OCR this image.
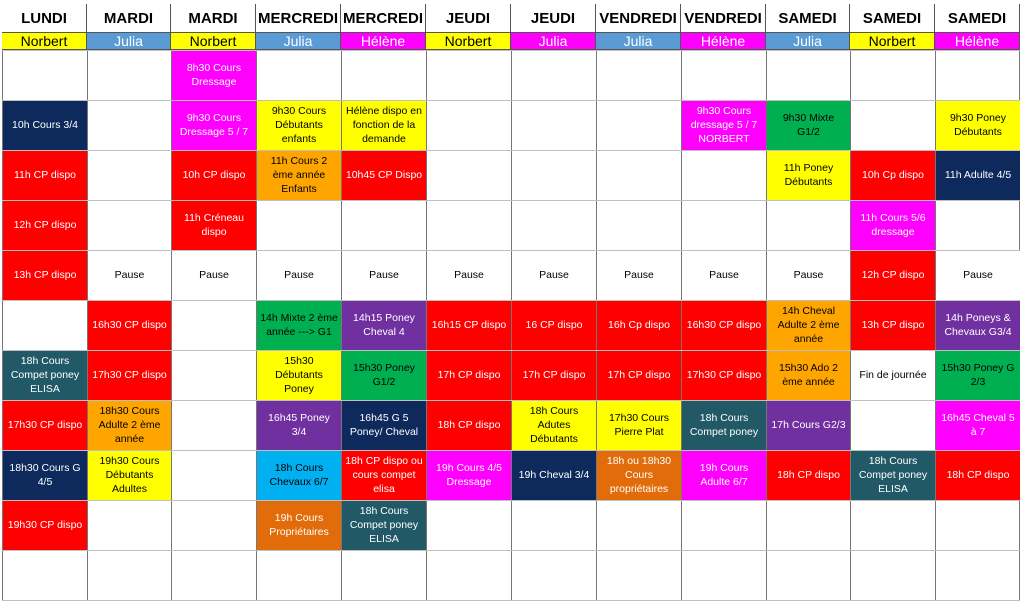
LUNDI
Norbert
MARDI
Julia
MARDI
Norbert
MERCREDI
Julia
MERCREDI
Hélène
JEUDI
Norbert
JEUDI
Julia
VENDREDI
Julia
VENDREDI
Hélène
SAMEDI
Julia
SAMEDI
Norbert
SAMEDI
Hélène
10h Cours 3/4
11h CP dispo
12h CP dispo
13h CP dispo
18h Cours Compet poney ELISA
17h30 CP dispo
18h30 Cours G 4/5
19h30 CP dispo
Pause
16h30 CP dispo
17h30 CP dispo
18h30 Cours Adulte 2 ème année
19h30 Cours Débutants Adultes
8h30 Cours Dressage
9h30 Cours Dressage 5 / 7
10h CP dispo
11h Créneau dispo
Pause
9h30 Cours Débutants enfants
11h Cours 2 ème année Enfants
Pause
14h Mixte 2 ème année ---> G1
15h30 Débutants Poney
16h45 Poney 3/4
18h Cours Chevaux 6/7
19h Cours Propriétaires
Hélène dispo en fonction de la demande
10h45 CP Dispo
Pause
14h15 Poney Cheval 4
15h30 Poney G1/2
16h45 G 5 Poney/ Cheval
18h CP dispo ou cours compet elisa
18h Cours Compet poney ELISA
Pause
16h15 CP dispo
17h CP dispo
18h CP dispo
19h Cours 4/5 Dressage
Pause
16 CP dispo
17h CP dispo
18h Cours Adutes Débutants
19h Cheval 3/4
Pause
16h Cp dispo
17h CP dispo
17h30 Cours Pierre Plat
18h ou 18h30 Cours propriétaires
9h30 Cours dressage 5 / 7 NORBERT
Pause
16h30 CP dispo
17h30 CP dispo
18h Cours Compet poney
19h Cours Adulte 6/7
9h30 Mixte G1/2
11h Poney Débutants
Pause
14h Cheval Adulte 2 ème année
15h30 Ado 2 ème année
17h Cours G2/3
18h CP dispo
10h Cp dispo
11h Cours 5/6 dressage
12h CP dispo
13h CP dispo
Fin de journée
18h Cours Compet poney ELISA
9h30 Poney Débutants
11h Adulte 4/5
Pause
14h Poneys & Chevaux G3/4
15h30 Poney G 2/3
16h45 Cheval 5 à 7
18h CP dispo
